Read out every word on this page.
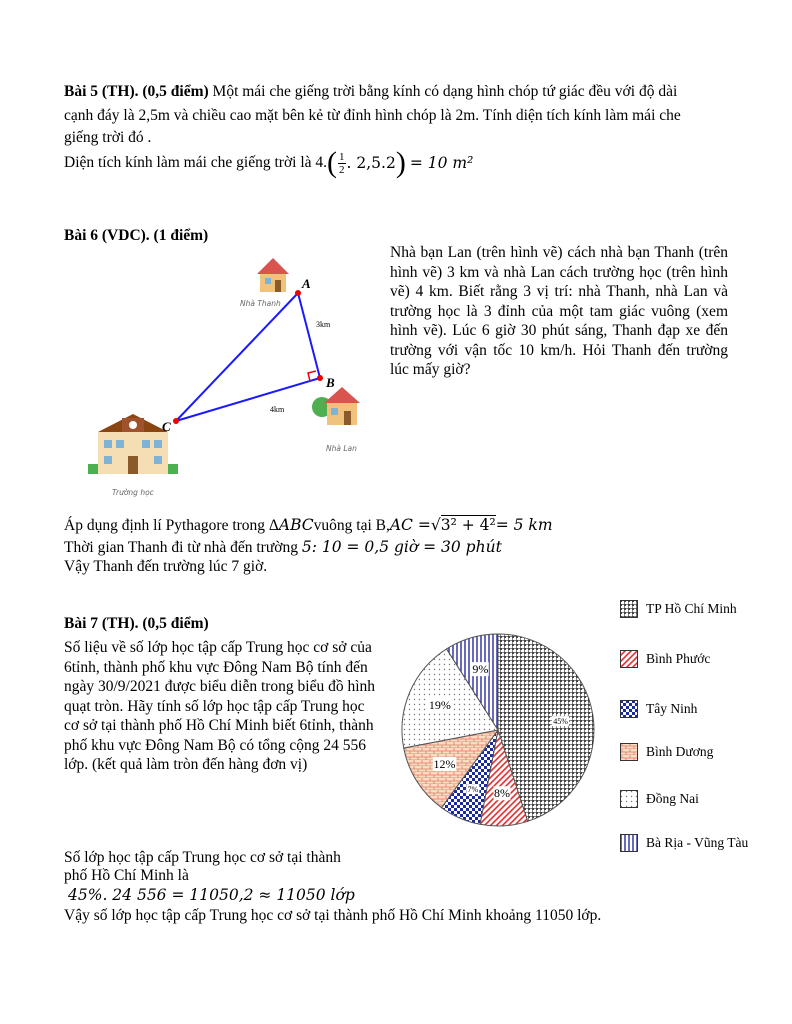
Bài 5 (TH). (0,5 điểm) Một mái che giếng trời bằng kính có dạng hình chóp tứ giác đều với độ dài
cạnh đáy là 2,5m và chiều cao mặt bên kẻ từ đỉnh hình chóp là 2m. Tính diện tích kính làm mái che
giếng trời đó .
Diện tích kính làm mái che giếng trời là 4. ( 1
2 . 2,5.2 ) = 10 m²
Bài 6 (VDC). (1 điểm)
A
B
C
3km
4km
Nhà Thanh
Nhà Lan
Trường học
Nhà bạn Lan (trên hình vẽ) cách nhà bạn Thanh (trên hình vẽ) 3 km và nhà Lan cách trường học (trên hình vẽ) 4 km. Biết rằng 3 vị trí: nhà Thanh, nhà Lan và trường học là 3 đỉnh của một tam giác vuông (xem hình vẽ). Lúc 6 giờ 30 phút sáng, Thanh đạp xe đến trường với vận tốc 10 km/h. Hỏi Thanh đến trường lúc mấy giờ?
Áp dụng định lí Pythagore trong Δ ABC vuông tại B, AC = √ 3² + 4² = 5 km
Thời gian Thanh đi từ nhà đến trường 5: 10 = 0,5 giờ = 30 phút
Vậy Thanh đến trường lúc 7 giờ.
Bài 7 (TH). (0,5 điểm)
Số liệu về số lớp học tập cấp Trung học cơ sở của 6tỉnh, thành phố khu vực Đông Nam Bộ tính đến ngày 30/9/2021 được biểu diễn trong biểu đồ hình quạt tròn. Hãy tính số lớp học tập cấp Trung học cơ sở tại thành phố Hồ Chí Minh biết 6tỉnh, thành phố khu vực Đông Nam Bộ có tổng cộng 24 556 lớp. (kết quả làm tròn đến hàng đơn vị)
45%
8%
7%
12%
19%
9%
TP Hồ Chí Minh
Bình Phước
Tây Ninh
Bình Dương
Đồng Nai
Bà Rịa - Vũng Tàu
Số lớp học tập cấp Trung học cơ sở tại thành
phố Hồ Chí Minh là
45%. 24 556 = 11050,2 ≈ 11050 lớp
Vậy số lớp học tập cấp Trung học cơ sở tại thành phố Hồ Chí Minh khoảng 11050 lớp.
